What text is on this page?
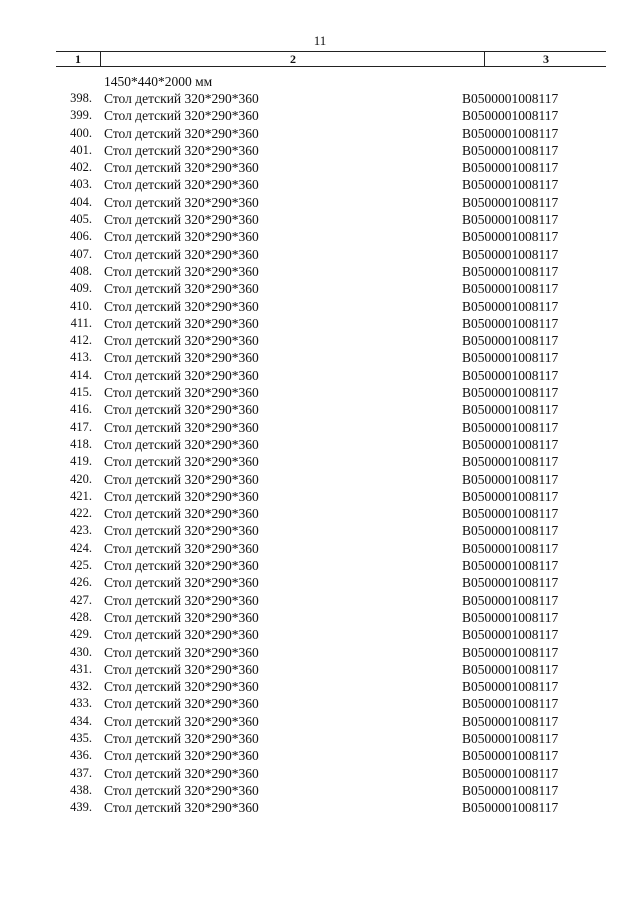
11
1	2	3
1450*440*2000 мм
398. Стол детский 320*290*360	B0500001008117
399. Стол детский 320*290*360	B0500001008117
400. Стол детский 320*290*360	B0500001008117
401. Стол детский 320*290*360	B0500001008117
402. Стол детский 320*290*360	B0500001008117
403. Стол детский 320*290*360	B0500001008117
404. Стол детский 320*290*360	B0500001008117
405. Стол детский 320*290*360	B0500001008117
406. Стол детский 320*290*360	B0500001008117
407. Стол детский 320*290*360	B0500001008117
408. Стол детский 320*290*360	B0500001008117
409. Стол детский 320*290*360	B0500001008117
410. Стол детский 320*290*360	B0500001008117
411. Стол детский 320*290*360	B0500001008117
412. Стол детский 320*290*360	B0500001008117
413. Стол детский 320*290*360	B0500001008117
414. Стол детский 320*290*360	B0500001008117
415. Стол детский 320*290*360	B0500001008117
416. Стол детский 320*290*360	B0500001008117
417. Стол детский 320*290*360	B0500001008117
418. Стол детский 320*290*360	B0500001008117
419. Стол детский 320*290*360	B0500001008117
420. Стол детский 320*290*360	B0500001008117
421. Стол детский 320*290*360	B0500001008117
422. Стол детский 320*290*360	B0500001008117
423. Стол детский 320*290*360	B0500001008117
424. Стол детский 320*290*360	B0500001008117
425. Стол детский 320*290*360	B0500001008117
426. Стол детский 320*290*360	B0500001008117
427. Стол детский 320*290*360	B0500001008117
428. Стол детский 320*290*360	B0500001008117
429. Стол детский 320*290*360	B0500001008117
430. Стол детский 320*290*360	B0500001008117
431. Стол детский 320*290*360	B0500001008117
432. Стол детский 320*290*360	B0500001008117
433. Стол детский 320*290*360	B0500001008117
434. Стол детский 320*290*360	B0500001008117
435. Стол детский 320*290*360	B0500001008117
436. Стол детский 320*290*360	B0500001008117
437. Стол детский 320*290*360	B0500001008117
438. Стол детский 320*290*360	B0500001008117
439. Стол детский 320*290*360	B0500001008117
